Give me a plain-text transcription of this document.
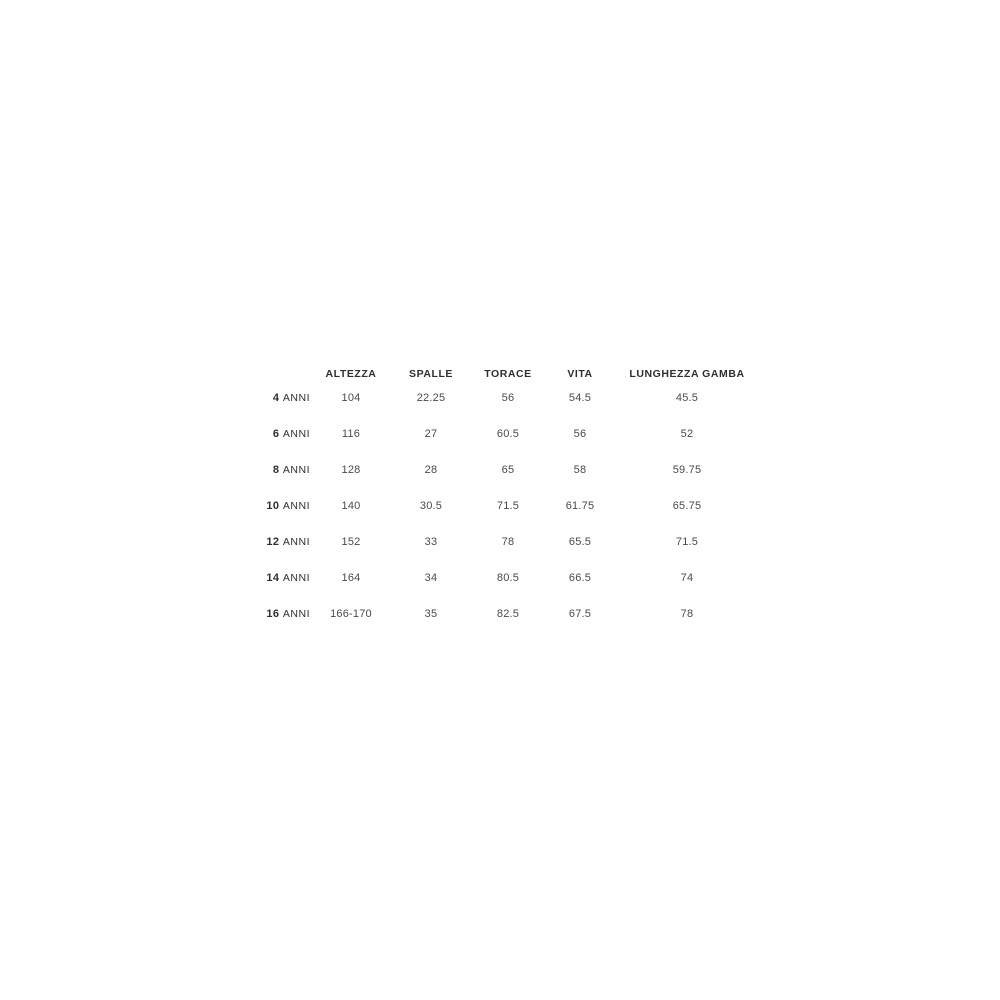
	ALTEZZA	SPALLE	TORACE	VITA	LUNGHEZZA GAMBA
4 ANNI	104	22.25	56	54.5	45.5
6 ANNI	116	27	60.5	56	52
8 ANNI	128	28	65	58	59.75
10 ANNI	140	30.5	71.5	61.75	65.75
12 ANNI	152	33	78	65.5	71.5
14 ANNI	164	34	80.5	66.5	74
16 ANNI	166-170	35	82.5	67.5	78
